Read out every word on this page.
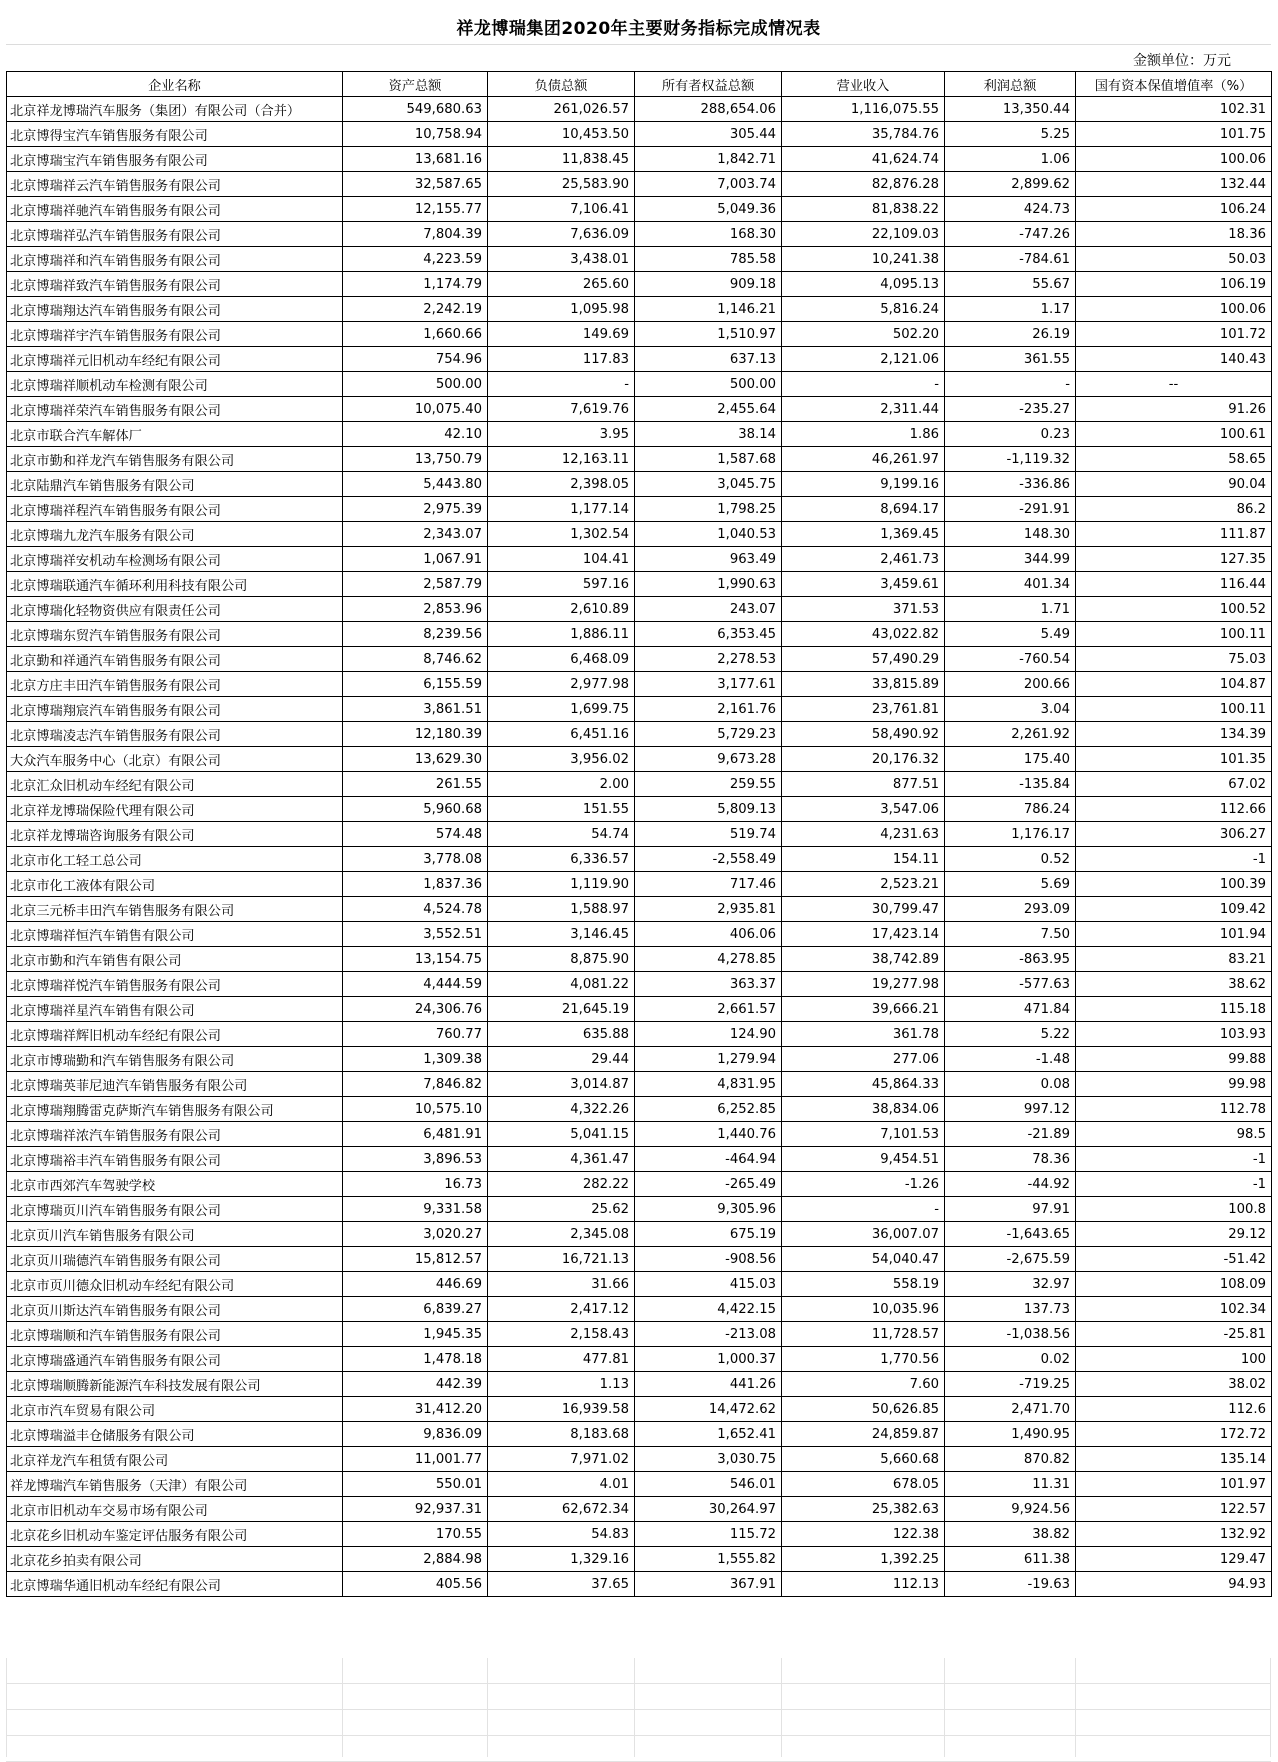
祥龙博瑞集团2020年主要财务指标完成情况表
金额单位：万元
企业名称	资产总额	负债总额	所有者权益总额	营业收入	利润总额	国有资本保值增值率（%）
北京祥龙博瑞汽车服务（集团）有限公司（合并）	549,680.63	261,026.57	288,654.06	1,116,075.55	13,350.44	102.31
北京博得宝汽车销售服务有限公司	10,758.94	10,453.50	305.44	35,784.76	5.25	101.75
北京博瑞宝汽车销售服务有限公司	13,681.16	11,838.45	1,842.71	41,624.74	1.06	100.06
北京博瑞祥云汽车销售服务有限公司	32,587.65	25,583.90	7,003.74	82,876.28	2,899.62	132.44
北京博瑞祥驰汽车销售服务有限公司	12,155.77	7,106.41	5,049.36	81,838.22	424.73	106.24
北京博瑞祥弘汽车销售服务有限公司	7,804.39	7,636.09	168.30	22,109.03	-747.26	18.36
北京博瑞祥和汽车销售服务有限公司	4,223.59	3,438.01	785.58	10,241.38	-784.61	50.03
北京博瑞祥致汽车销售服务有限公司	1,174.79	265.60	909.18	4,095.13	55.67	106.19
北京博瑞翔达汽车销售服务有限公司	2,242.19	1,095.98	1,146.21	5,816.24	1.17	100.06
北京博瑞祥宇汽车销售服务有限公司	1,660.66	149.69	1,510.97	502.20	26.19	101.72
北京博瑞祥元旧机动车经纪有限公司	754.96	117.83	637.13	2,121.06	361.55	140.43
北京博瑞祥顺机动车检测有限公司	500.00	-	500.00	-	-	--
北京博瑞祥荣汽车销售服务有限公司	10,075.40	7,619.76	2,455.64	2,311.44	-235.27	91.26
北京市联合汽车解体厂	42.10	3.95	38.14	1.86	0.23	100.61
北京市勤和祥龙汽车销售服务有限公司	13,750.79	12,163.11	1,587.68	46,261.97	-1,119.32	58.65
北京陆鼎汽车销售服务有限公司	5,443.80	2,398.05	3,045.75	9,199.16	-336.86	90.04
北京博瑞祥程汽车销售服务有限公司	2,975.39	1,177.14	1,798.25	8,694.17	-291.91	86.2
北京博瑞九龙汽车服务有限公司	2,343.07	1,302.54	1,040.53	1,369.45	148.30	111.87
北京博瑞祥安机动车检测场有限公司	1,067.91	104.41	963.49	2,461.73	344.99	127.35
北京博瑞联通汽车循环利用科技有限公司	2,587.79	597.16	1,990.63	3,459.61	401.34	116.44
北京博瑞化轻物资供应有限责任公司	2,853.96	2,610.89	243.07	371.53	1.71	100.52
北京博瑞东贸汽车销售服务有限公司	8,239.56	1,886.11	6,353.45	43,022.82	5.49	100.11
北京勤和祥通汽车销售服务有限公司	8,746.62	6,468.09	2,278.53	57,490.29	-760.54	75.03
北京方庄丰田汽车销售服务有限公司	6,155.59	2,977.98	3,177.61	33,815.89	200.66	104.87
北京博瑞翔宸汽车销售服务有限公司	3,861.51	1,699.75	2,161.76	23,761.81	3.04	100.11
北京博瑞凌志汽车销售服务有限公司	12,180.39	6,451.16	5,729.23	58,490.92	2,261.92	134.39
大众汽车服务中心（北京）有限公司	13,629.30	3,956.02	9,673.28	20,176.32	175.40	101.35
北京汇众旧机动车经纪有限公司	261.55	2.00	259.55	877.51	-135.84	67.02
北京祥龙博瑞保险代理有限公司	5,960.68	151.55	5,809.13	3,547.06	786.24	112.66
北京祥龙博瑞咨询服务有限公司	574.48	54.74	519.74	4,231.63	1,176.17	306.27
北京市化工轻工总公司	3,778.08	6,336.57	-2,558.49	154.11	0.52	-1
北京市化工液体有限公司	1,837.36	1,119.90	717.46	2,523.21	5.69	100.39
北京三元桥丰田汽车销售服务有限公司	4,524.78	1,588.97	2,935.81	30,799.47	293.09	109.42
北京博瑞祥恒汽车销售有限公司	3,552.51	3,146.45	406.06	17,423.14	7.50	101.94
北京市勤和汽车销售有限公司	13,154.75	8,875.90	4,278.85	38,742.89	-863.95	83.21
北京博瑞祥悦汽车销售服务有限公司	4,444.59	4,081.22	363.37	19,277.98	-577.63	38.62
北京博瑞祥星汽车销售有限公司	24,306.76	21,645.19	2,661.57	39,666.21	471.84	115.18
北京博瑞祥辉旧机动车经纪有限公司	760.77	635.88	124.90	361.78	5.22	103.93
北京市博瑞勤和汽车销售服务有限公司	1,309.38	29.44	1,279.94	277.06	-1.48	99.88
北京博瑞英菲尼迪汽车销售服务有限公司	7,846.82	3,014.87	4,831.95	45,864.33	0.08	99.98
北京博瑞翔腾雷克萨斯汽车销售服务有限公司	10,575.10	4,322.26	6,252.85	38,834.06	997.12	112.78
北京博瑞祥浓汽车销售服务有限公司	6,481.91	5,041.15	1,440.76	7,101.53	-21.89	98.5
北京博瑞裕丰汽车销售服务有限公司	3,896.53	4,361.47	-464.94	9,454.51	78.36	-1
北京市西郊汽车驾驶学校	16.73	282.22	-265.49	-1.26	-44.92	-1
北京博瑞页川汽车销售服务有限公司	9,331.58	25.62	9,305.96	-	97.91	100.8
北京页川汽车销售服务有限公司	3,020.27	2,345.08	675.19	36,007.07	-1,643.65	29.12
北京页川瑞德汽车销售服务有限公司	15,812.57	16,721.13	-908.56	54,040.47	-2,675.59	-51.42
北京市页川德众旧机动车经纪有限公司	446.69	31.66	415.03	558.19	32.97	108.09
北京页川斯达汽车销售服务有限公司	6,839.27	2,417.12	4,422.15	10,035.96	137.73	102.34
北京博瑞顺和汽车销售服务有限公司	1,945.35	2,158.43	-213.08	11,728.57	-1,038.56	-25.81
北京博瑞盛通汽车销售服务有限公司	1,478.18	477.81	1,000.37	1,770.56	0.02	100
北京博瑞顺腾新能源汽车科技发展有限公司	442.39	1.13	441.26	7.60	-719.25	38.02
北京市汽车贸易有限公司	31,412.20	16,939.58	14,472.62	50,626.85	2,471.70	112.6
北京博瑞溢丰仓储服务有限公司	9,836.09	8,183.68	1,652.41	24,859.87	1,490.95	172.72
北京祥龙汽车租赁有限公司	11,001.77	7,971.02	3,030.75	5,660.68	870.82	135.14
祥龙博瑞汽车销售服务（天津）有限公司	550.01	4.01	546.01	678.05	11.31	101.97
北京市旧机动车交易市场有限公司	92,937.31	62,672.34	30,264.97	25,382.63	9,924.56	122.57
北京花乡旧机动车鉴定评估服务有限公司	170.55	54.83	115.72	122.38	38.82	132.92
北京花乡拍卖有限公司	2,884.98	1,329.16	1,555.82	1,392.25	611.38	129.47
北京博瑞华通旧机动车经纪有限公司	405.56	37.65	367.91	112.13	-19.63	94.93
